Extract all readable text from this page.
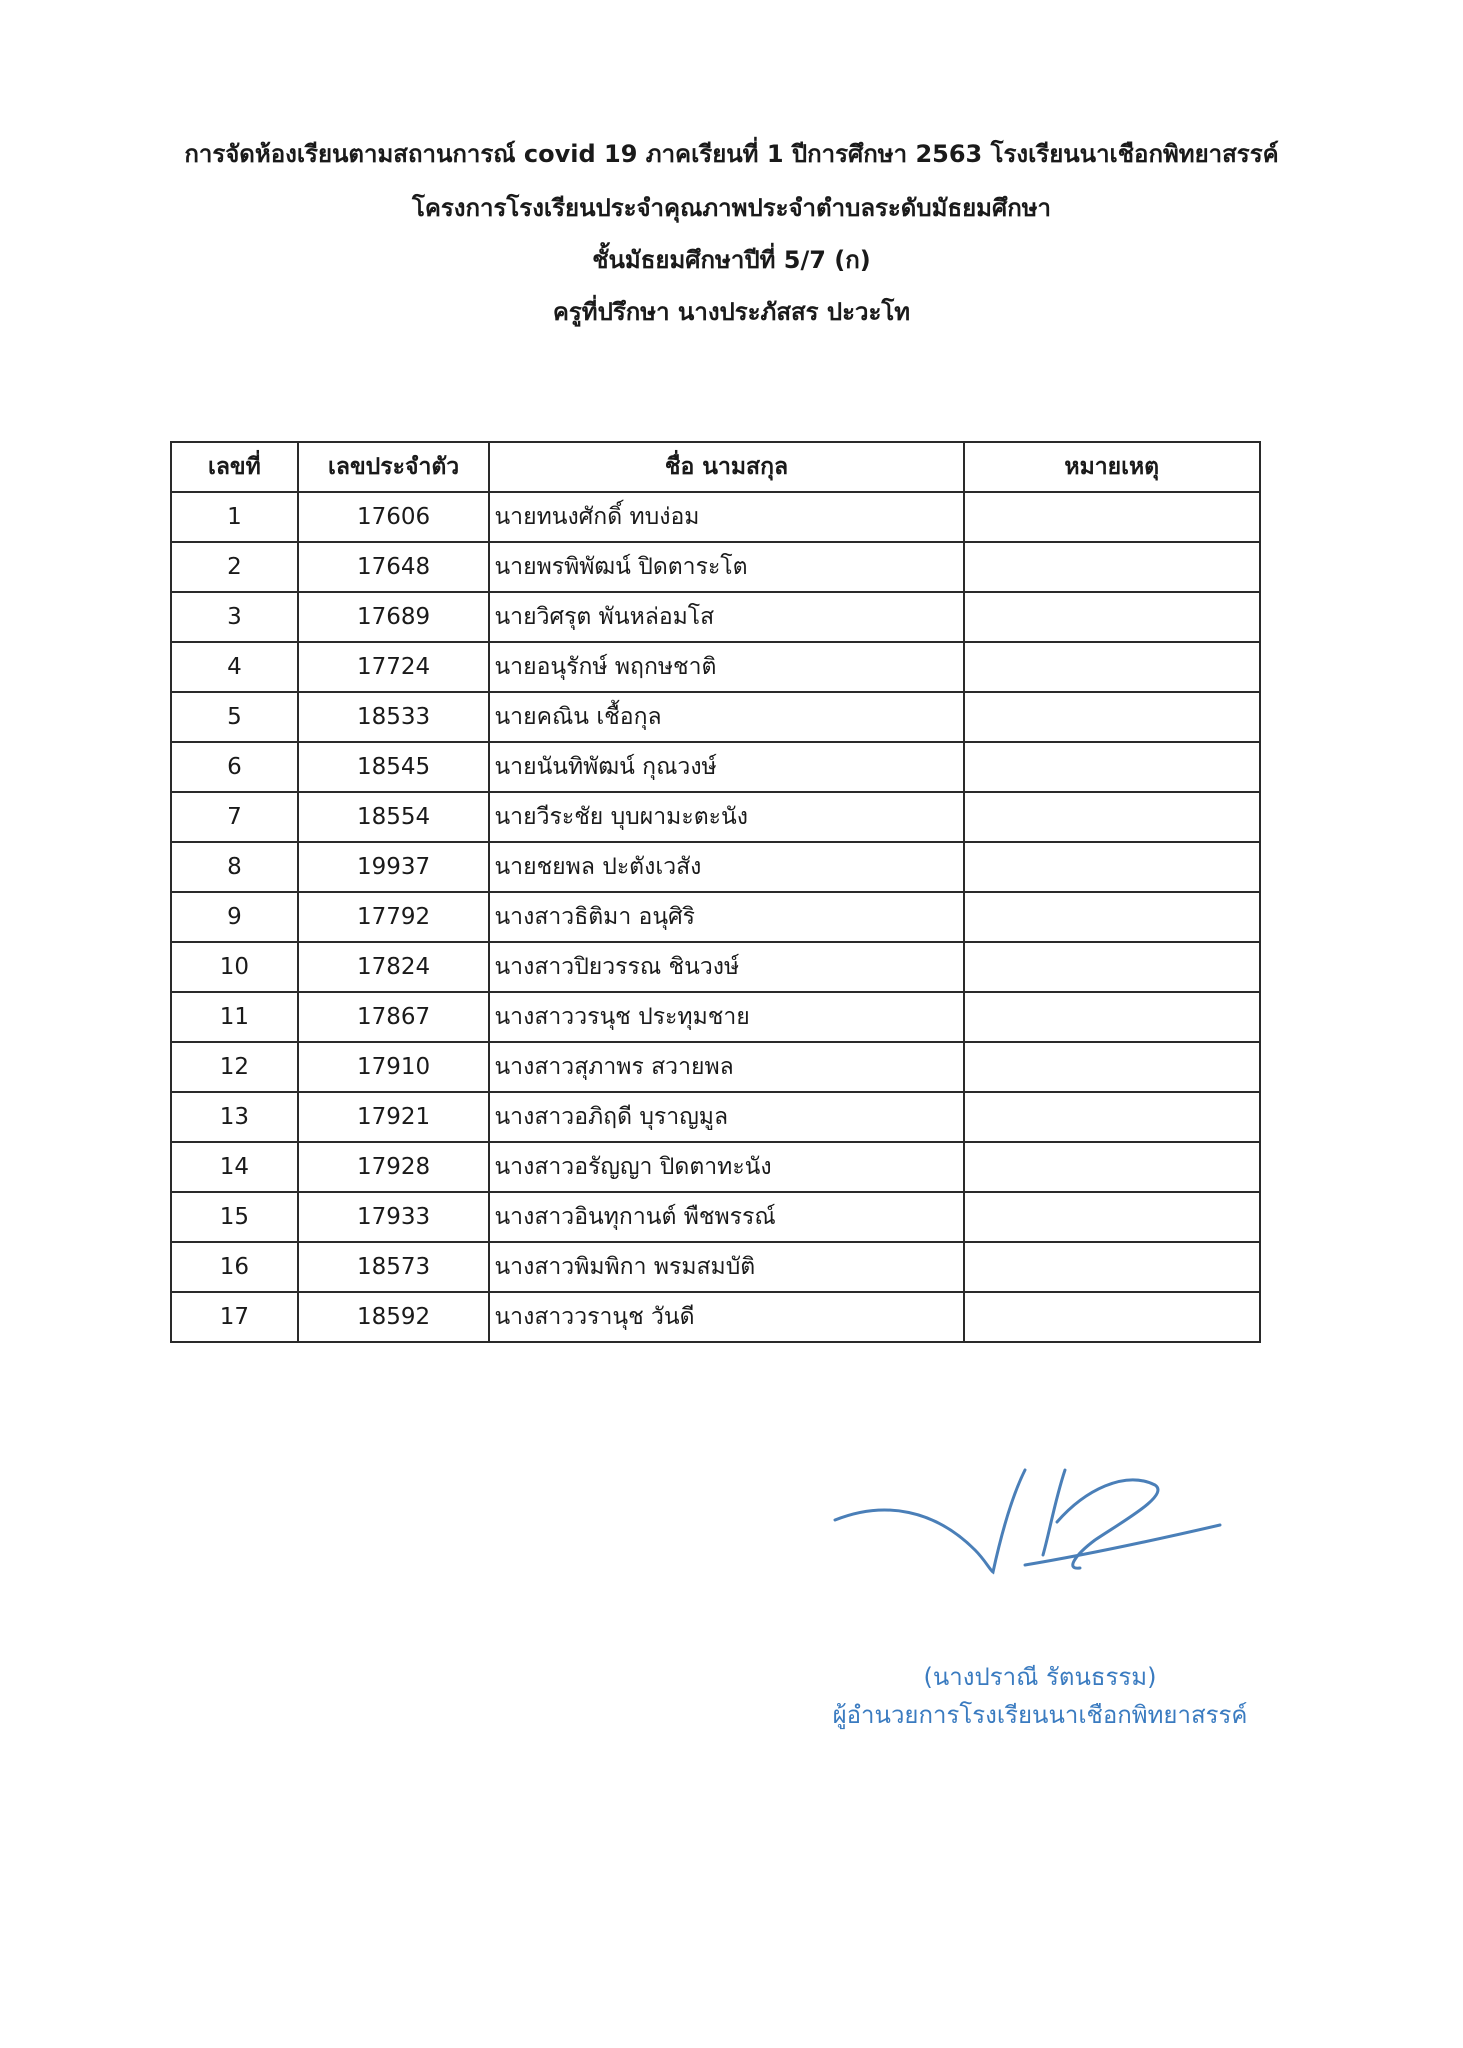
การจัดห้องเรียนตามสถานการณ์ covid 19 ภาคเรียนที่ 1 ปีการศึกษา 2563 โรงเรียนนาเชือกพิทยาสรรค์
โครงการโรงเรียนประจำคุณภาพประจำตำบลระดับมัธยมศึกษา
ชั้นมัธยมศึกษาปีที่ 5/7 (ก)
ครูที่ปรึกษา นางประภัสสร ปะวะโท
เลขที่	เลขประจำตัว	ชื่อ นามสกุล	หมายเหตุ
1	17606	นายทนงศักดิ์ ทบง่อม	
2	17648	นายพรพิพัฒน์ ปิดตาระโต	
3	17689	นายวิศรุต พันหล่อมโส	
4	17724	นายอนุรักษ์ พฤกษชาติ	
5	18533	นายคณิน เชื้อกุล	
6	18545	นายนันทิพัฒน์ กุณวงษ์	
7	18554	นายวีระชัย บุบผามะตะนัง	
8	19937	นายชยพล ปะตังเวสัง	
9	17792	นางสาวธิติมา อนุศิริ	
10	17824	นางสาวปิยวรรณ ชินวงษ์	
11	17867	นางสาววรนุช ประทุมชาย	
12	17910	นางสาวสุภาพร สวายพล	
13	17921	นางสาวอภิฤดี บุราญมูล	
14	17928	นางสาวอรัญญา ปิดตาทะนัง	
15	17933	นางสาวอินทุกานต์ พืชพรรณ์	
16	18573	นางสาวพิมพิกา พรมสมบัติ	
17	18592	นางสาววรานุช วันดี	
(นางปราณี รัตนธรรม)
ผู้อำนวยการโรงเรียนนาเชือกพิทยาสรรค์
